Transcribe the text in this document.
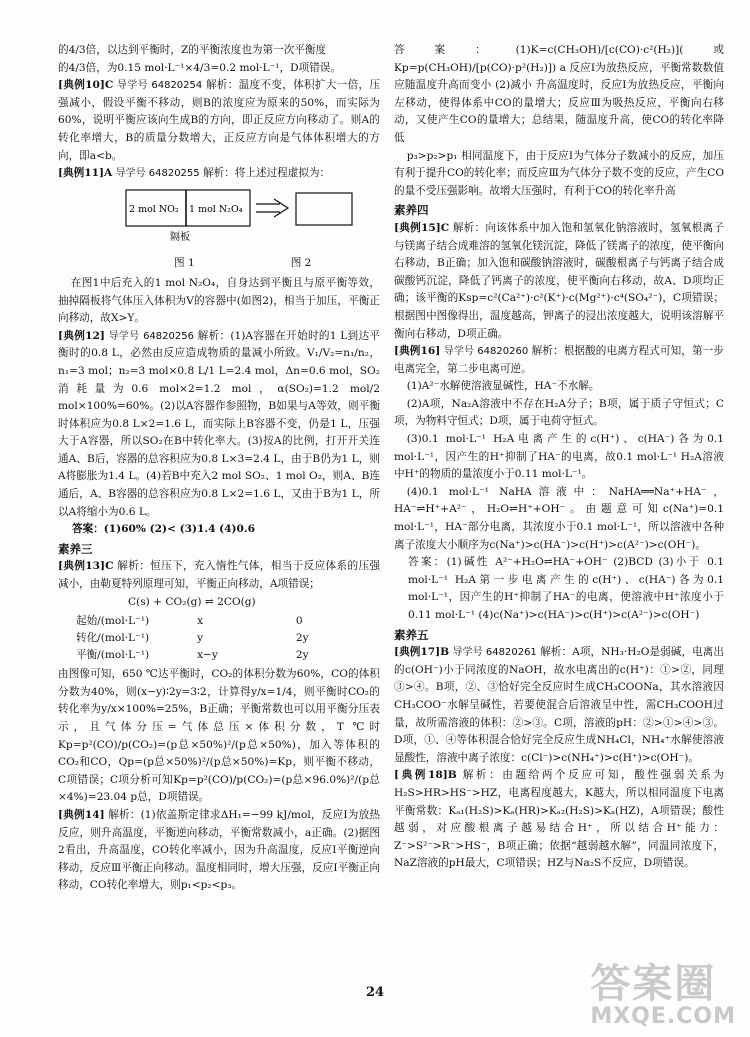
的4/3倍，以达到平衡时，Z的平衡浓度也为第一次平衡度

的4/3倍，为0.15 mol·L⁻¹×4/3=0.2 mol·L⁻¹，D项错误。

[典例10]C 导学号 64820254 解析：温度不变，体积扩大一倍，压强减小，假设平衡不移动，则B的浓度应为原来的50%，而实际为60%，说明平衡应该向生成B的方向，即正反应方向移动了。则A的转化率增大，B的质量分数增大，正反应方向是气体体积增大的方向，即a<b。

[典例11]A 导学号 64820255 解析：将上述过程虚拟为：

2 mol NO₂ 1 mol N₂O₄
隔板
图 1	图 2

在图1中后充入的1 mol N₂O₄，自身达到平衡且与原平衡等效，抽掉隔板将气体压入体积为V的容器中(如图2)，相当于加压，平衡正向移动，故X>Y。

[典例12] 导学号 64820256 解析：(1)A容器在开始时的1 L到达平衡时的0.8 L，必然由反应造成物质的量减小所致。V₁/V₂=n₁/n₂，n₁=3 mol；n₂=3 mol×0.8 L/1 L=2.4 mol，Δn=0.6 mol，SO₂消耗量为0.6 mol×2=1.2 mol，α(SO₂)=1.2 mol/2 mol×100%=60%。(2)以A容器作参照物，B如果与A等效，则平衡时体积应为0.8 L×2=1.6 L，而实际上B容器不变，仍是1 L，压强大于A容器，所以SO₂在B中转化率大。(3)按A的比例，打开开关连通A、B后，容器的总容积应为0.8 L×3=2.4 L，由于B仍为1 L，则A将膨胀为1.4 L。(4)若B中充入2 mol SO₂、1 mol O₂，则A、B连通后，A、B容器的总容积应为0.8 L×2=1.6 L，又由于B为1 L，所以A将缩小为0.6 L。

答案：(1)60% (2)< (3)1.4 (4)0.6

素养三

[典例13]C 解析：恒压下，充入惰性气体，相当于反应体系的压强减小，由勒夏特列原理可知，平衡正向移动，A项错误；

C(s) + CO₂(g) ⇌ 2CO(g)

起始/(mol·L⁻¹)	x	0
转化/(mol·L⁻¹)	y	2y
平衡/(mol·L⁻¹)	x−y	2y

由图像可知，650 ℃达平衡时，CO₂的体积分数为60%，CO的体积分数为40%，则(x−y)∶2y=3∶2，计算得y/x=1/4，则平衡时CO₂的转化率为y/x×100%=25%，B正确；平衡常数也可以用平衡分压表示，且气体分压=气体总压×体积分数，T ℃时Kp=p²(CO)/p(CO₂)=(p总×50%)²/(p总×50%)，加入等体积的CO₂和CO，Qp=(p总×50%)²/(p总×50%)=Kp，则平衡不移动，C项错误；C项分析可知Kp=p²(CO)/p(CO₂)=(p总×96.0%)²/(p总×4%)=23.04 p总，D项错误。

[典例14] 解析：(1)依盖斯定律求ΔH₁=−99 kJ/mol，反应Ⅰ为放热反应，则升高温度，平衡逆向移动，平衡常数减小，a正确。(2)据图2看出，升高温度，CO转化率减小，因为升高温度，反应Ⅰ平衡逆向移动，反应Ⅲ平衡正向移动。温度相同时，增大压强，反应Ⅰ平衡正向移动，CO转化率增大，则p₁<p₂<p₃。

答案：(1)K=c(CH₃OH)/[c(CO)·c²(H₂)](或Kp=p(CH₃OH)/[p(CO)·p²(H₂)]) a 反应Ⅰ为放热反应，平衡常数数值应随温度升高而变小 (2)减小 升高温度时，反应Ⅰ为放热反应，平衡向左移动，使得体系中CO的量增大；反应Ⅲ为吸热反应，平衡向右移动，又使产生CO的量增大；总结果，随温度升高，使CO的转化率降低

p₃>p₂>p₁ 相同温度下，由于反应Ⅰ为气体分子数减小的反应，加压有利于提升CO的转化率；而反应Ⅲ为气体分子数不变的反应，产生CO的量不受压强影响。故增大压强时，有利于CO的转化率升高

素养四

[典例15]C 解析：向该体系中加入饱和氢氧化钠溶液时，氢氧根离子与镁离子结合成难溶的氢氧化镁沉淀，降低了镁离子的浓度，使平衡向右移动，B正确；加入饱和碳酸钠溶液时，碳酸根离子与钙离子结合成碳酸钙沉淀，降低了钙离子的浓度，使平衡向右移动，故A、D项均正确；该平衡的Ksp=c²(Ca²⁺)·c²(K⁺)·c(Mg²⁺)·c⁴(SO₄²⁻)，C项错误；根据图中图像得出，温度越高，钾离子的浸出浓度越大，说明该溶解平衡向右移动，D项正确。

[典例16] 导学号 64820260 解析：根据酸的电离方程式可知，第一步电离完全，第二步电离可逆。

(1)A²⁻水解使溶液显碱性，HA⁻不水解。

(2)A项，Na₂A溶液中不存在H₂A分子；B项，属于质子守恒式；C项，为物料守恒式；D项，属于电荷守恒式。

(3)0.1 mol·L⁻¹ H₂A电离产生的c(H⁺)、c(HA⁻)各为0.1 mol·L⁻¹，因产生的H⁺抑制了HA⁻的电离，故0.1 mol·L⁻¹ H₂A溶液中H⁺的物质的量浓度小于0.11 mol·L⁻¹。

(4)0.1 mol·L⁻¹ NaHA溶液中：NaHA══Na⁺+HA⁻，HA⁻⇌H⁺+A²⁻，H₂O⇌H⁺+OH⁻。由题意可知c(Na⁺)=0.1 mol·L⁻¹，HA⁻部分电离，其浓度小于0.1 mol·L⁻¹，所以溶液中各种离子浓度大小顺序为c(Na⁺)>c(HA⁻)>c(H⁺)>c(A²⁻)>c(OH⁻)。

答案：(1)碱性 A²⁻+H₂O⇌HA⁻+OH⁻ (2)BCD (3)小于 0.1 mol·L⁻¹ H₂A第一步电离产生的c(H⁺)、c(HA⁻)各为0.1 mol·L⁻¹，因产生的H⁺抑制了HA⁻的电离，使溶液中H⁺浓度小于0.11 mol·L⁻¹ (4)c(Na⁺)>c(HA⁻)>c(H⁺)>c(A²⁻)>c(OH⁻)

素养五

[典例17]B 导学号 64820261 解析：A项，NH₃·H₂O是弱碱，电离出的c(OH⁻)小于同浓度的NaOH，故水电离出的c(H⁺)：①>②，同理③>④。B项，②、③恰好完全反应时生成CH₃COONa，其水溶液因CH₃COO⁻水解呈碱性，若要使混合后溶液呈中性，需CH₃COOH过量，故所需溶液的体积：②>③。C项，溶液的pH：②>①>④>③。D项，①、④等体积混合恰好完全反应生成NH₄Cl，NH₄⁺水解使溶液显酸性，溶液中离子浓度：c(Cl⁻)>c(NH₄⁺)>c(H⁺)>c(OH⁻)。

[典例18]B 解析：由题给两个反应可知，酸性强弱关系为H₂S>HR>HS⁻>HZ，电离程度越大，K越大，所以相同温度下电离平衡常数：Kₐ₁(H₂S)>Kₐ(HR)>Kₐ₂(H₂S)>Kₐ(HZ)，A项错误；酸性越弱，对应酸根离子越易结合H⁺，所以结合H⁺能力：Z⁻>S²⁻>R⁻>HS⁻，B项正确；依据“越弱越水解”，同温同浓度下，NaZ溶液的pH最大，C项错误；HZ与Na₂S不反应，D项错误。

24	答案圈
MXQE.COM
